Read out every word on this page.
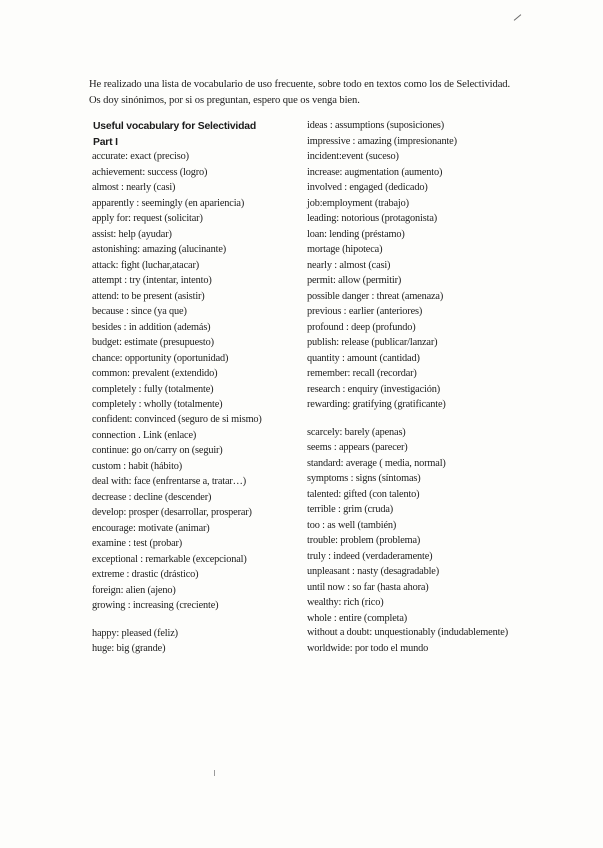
He realizado una lista de vocabulario de uso frecuente, sobre todo en textos como los de Selectividad. Os doy sinónimos, por si os preguntan, espero que os venga bien.

Useful vocabulary for Selectividad
Part I
accurate: exact (preciso)
achievement: success (logro)
almost : nearly (casi)
apparently : seemingly (en apariencia)
apply for: request (solicitar)
assist: help (ayudar)
astonishing: amazing (alucinante)
attack: fight (luchar,atacar)
attempt : try (intentar, intento)
attend: to be present (asistir)
because : since (ya que)
besides : in addition (además)
budget: estimate (presupuesto)
chance: opportunity (oportunidad)
common: prevalent (extendido)
completely : fully (totalmente)
completely : wholly (totalmente)
confident: convinced (seguro de si mismo)
connection . Link (enlace)
continue: go on/carry on (seguir)
custom : habit (hábito)
deal with: face (enfrentarse a, tratar…)
decrease : decline (descender)
develop: prosper (desarrollar, prosperar)
encourage: motivate (animar)
examine : test (probar)
exceptional : remarkable (excepcional)
extreme : drastic (drástico)
foreign: alien (ajeno)
growing : increasing (creciente)
happy: pleased (feliz)
huge: big (grande)
ideas : assumptions (suposiciones)
impressive : amazing (impresionante)
incident:event (suceso)
increase: augmentation (aumento)
involved : engaged (dedicado)
job:employment (trabajo)
leading: notorious (protagonista)
loan: lending (préstamo)
mortage (hipoteca)
nearly : almost (casi)
permit: allow (permitir)
possible danger : threat (amenaza)
previous : earlier (anteriores)
profound : deep (profundo)
publish: release (publicar/lanzar)
quantity : amount (cantidad)
remember: recall (recordar)
research : enquiry (investigación)
rewarding: gratifying (gratificante)
scarcely: barely (apenas)
seems : appears (parecer)
standard: average ( media, normal)
symptoms : signs (síntomas)
talented: gifted (con talento)
terrible : grim (cruda)
too : as well (también)
trouble: problem (problema)
truly : indeed (verdaderamente)
unpleasant : nasty (desagradable)
until now : so far (hasta ahora)
wealthy: rich (rico)
whole : entire (completa)
without a doubt: unquestionably (indudablemente)
worldwide: por todo el mundo
